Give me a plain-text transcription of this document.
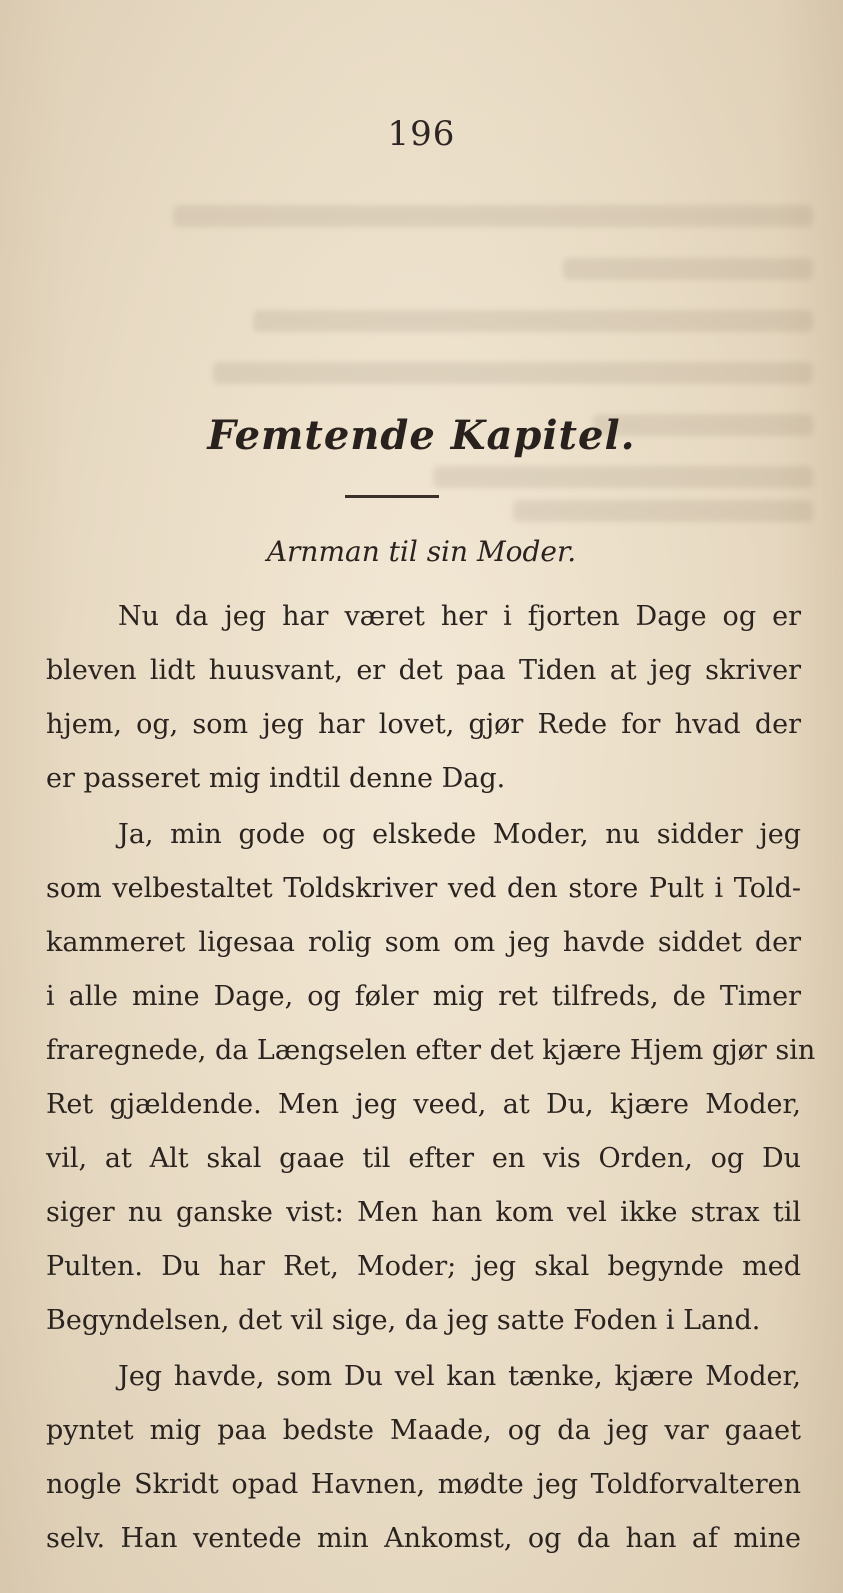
196
Femtende Kapitel.
Arnman til sin Moder.
Nu da jeg har været her i fjorten Dage og er
bleven lidt huusvant, er det paa Tiden at jeg skriver
hjem, og, som jeg har lovet, gjør Rede for hvad der
er passeret mig indtil denne Dag.
Ja, min gode og elskede Moder, nu sidder jeg
som velbestaltet Toldskriver ved den store Pult i Told-
kammeret ligesaa rolig som om jeg havde siddet der
i alle mine Dage, og føler mig ret tilfreds, de Timer
fraregnede, da Længselen efter det kjære Hjem gjør sin
Ret gjældende. Men jeg veed, at Du, kjære Moder,
vil, at Alt skal gaae til efter en vis Orden, og Du
siger nu ganske vist: Men han kom vel ikke strax til
Pulten. Du har Ret, Moder; jeg skal begynde med
Begyndelsen, det vil sige, da jeg satte Foden i Land.
Jeg havde, som Du vel kan tænke, kjære Moder,
pyntet mig paa bedste Maade, og da jeg var gaaet
nogle Skridt opad Havnen, mødte jeg Toldforvalteren
selv. Han ventede min Ankomst, og da han af mine
